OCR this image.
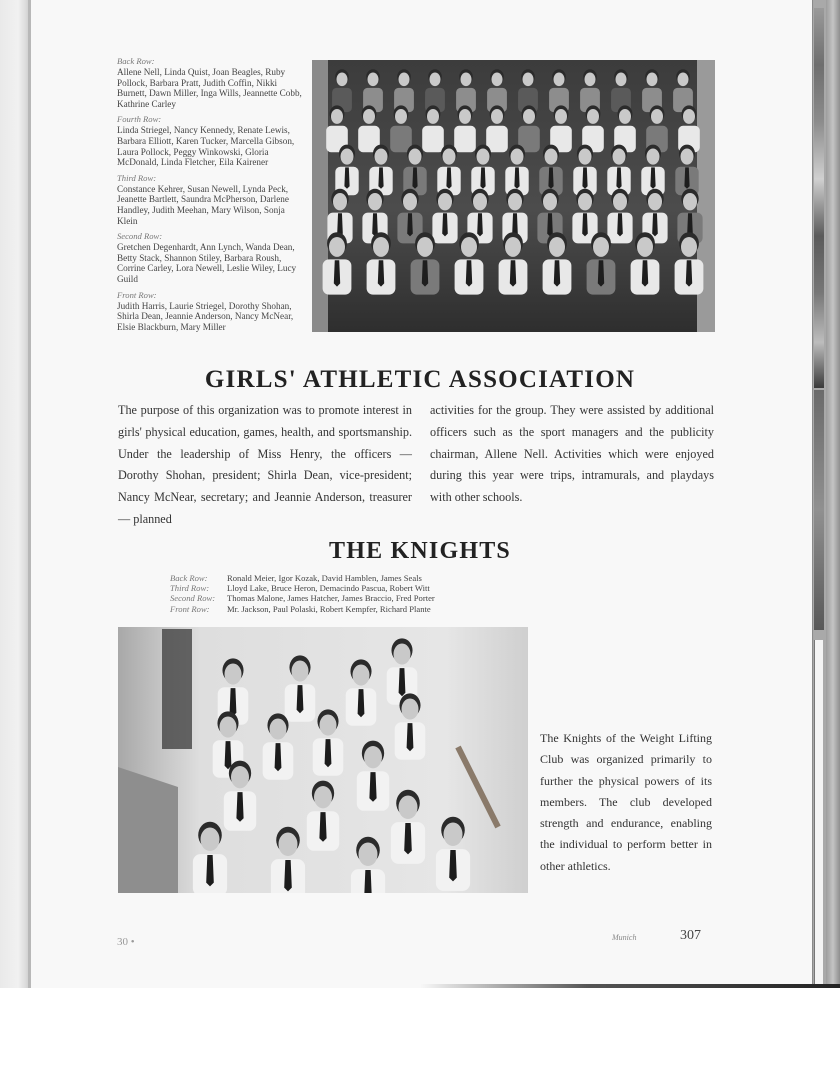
Back Row:
Allene Nell, Linda Quist, Joan Beagles, Ruby Pollock, Barbara Pratt, Judith Coffin, Nikki Burnett, Dawn Miller, Inga Wills, Jeannette Cobb, Kathrine Carley
Fourth Row:
Linda Striegel, Nancy Kennedy, Renate Lewis, Barbara Elliott, Karen Tucker, Marcella Gibson, Laura Pollock, Peggy Winkowski, Gloria McDonald, Linda Fletcher, Eila Kairener
Third Row:
Constance Kehrer, Susan Newell, Lynda Peck, Jeanette Bartlett, Saundra McPherson, Darlene Handley, Judith Meehan, Mary Wilson, Sonja Klein
Second Row:
Gretchen Degenhardt, Ann Lynch, Wanda Dean, Betty Stack, Shannon Stiley, Barbara Roush, Corrine Carley, Lora Newell, Leslie Wiley, Lucy Guild
Front Row:
Judith Harris, Laurie Striegel, Dorothy Shohan, Shirla Dean, Jeannie Anderson, Nancy McNear, Elsie Blackburn, Mary Miller
GIRLS' ATHLETIC ASSOCIATION
The purpose of this organization was to promote interest in girls' physical education, games, health, and sportsmanship. Under the leadership of Miss Henry, the officers — Dorothy Shohan, president; Shirla Dean, vice-president; Nancy McNear, secretary; and Jeannie Anderson, treasurer — planned
activities for the group. They were assisted by additional officers such as the sport managers and the publicity chairman, Allene Nell. Activities which were enjoyed during this year were trips, intramurals, and playdays with other schools.
THE KNIGHTS
Back Row:	Ronald Meier, Igor Kozak, David Hamblen, James Seals
Third Row:	Lloyd Lake, Bruce Heron, Demacindo Pascua, Robert Witt
Second Row:	Thomas Malone, James Hatcher, James Braccio, Fred Porter
Front Row:	Mr. Jackson, Paul Polaski, Robert Kempfer, Richard Plante
The Knights of the Weight Lifting Club was organized primarily to further the physical powers of its members. The club developed strength and endurance, enabling the individual to perform better in other athletics.
30 •	Munich	307
